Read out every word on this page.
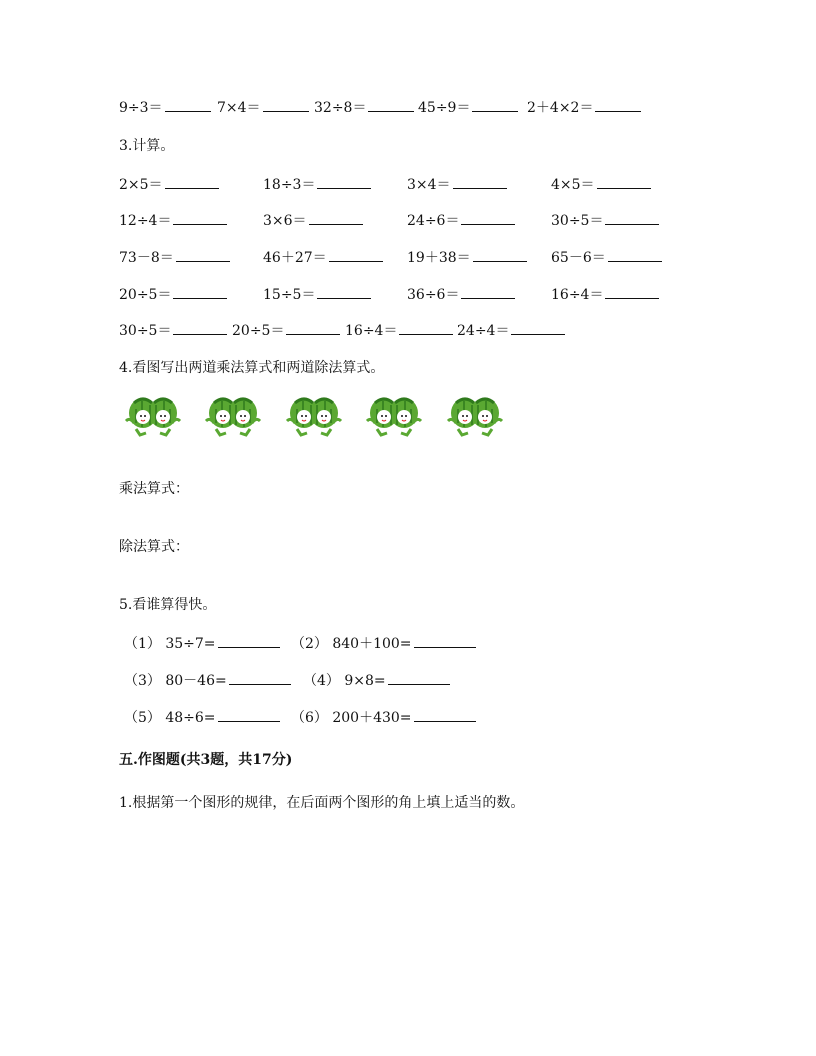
9÷3＝	7×4＝	32÷8＝	45÷9＝	2＋4×2＝
3.计算。
2×5＝	18÷3＝	3×4＝	4×5＝
12÷4＝	3×6＝	24÷6＝	30÷5＝
73－8＝	46＋27＝	19＋38＝	65－6＝
20÷5＝	15÷5＝	36÷6＝	16÷4＝
30÷5＝	20÷5＝	16÷4＝	24÷4＝
4.看图写出两道乘法算式和两道除法算式。
乘法算式：
除法算式：
5.看谁算得快。
（1） 35÷7=	（2） 840＋100=
（3） 80－46=	（4） 9×8=
（5） 48÷6=	（6） 200＋430=
五.作图题(共3题，共17分)
1.根据第一个图形的规律，在后面两个图形的角上填上适当的数。
